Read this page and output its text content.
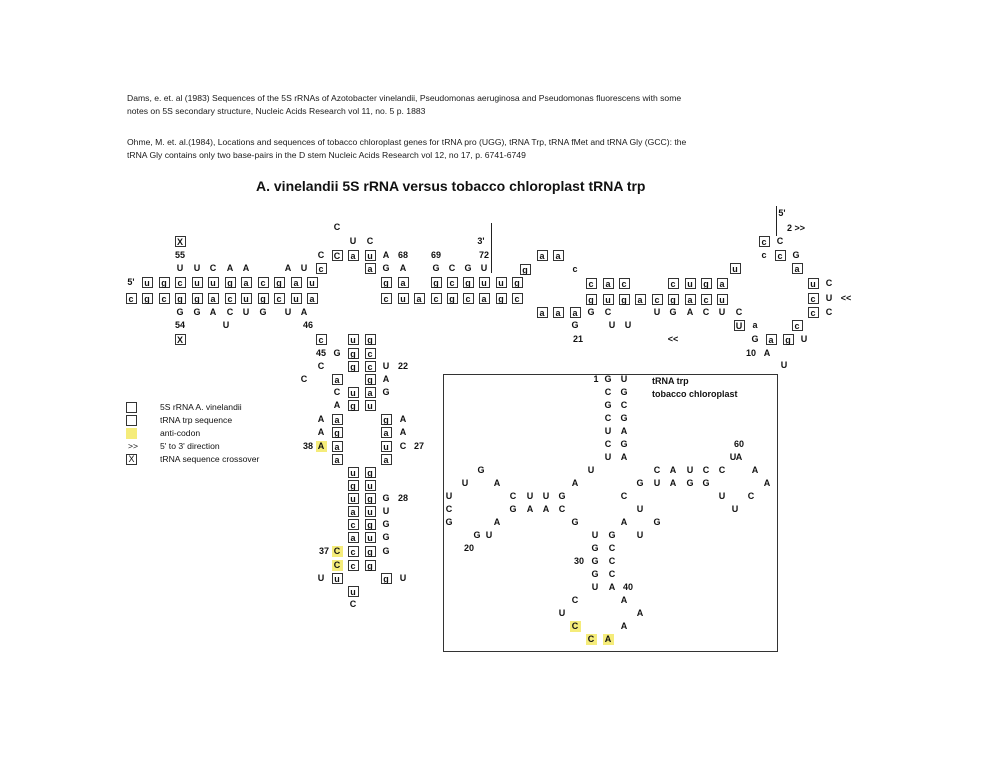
Dams, e. et. al (1983) Sequences of the 5S rRNAs of Azotobacter vinelandii, Pseudomonas aeruginosa and Pseudomonas fluorescens with some
notes on 5S secondary structure, Nucleic Acids Research vol 11, no. 5 p. 1883
Ohme, M. et. al.(1984), Locations and sequences of tobacco chloroplast genes for tRNA pro (UGG), tRNA Trp, tRNA fMet and tRNA Gly (GCC): the
tRNA Gly contains only two base-pairs in the D stem Nucleic Acids Research vol 12, no 17, p. 6741-6749
A. vinelandii 5S rRNA versus tobacco chloroplast tRNA trp
tRNA trp
tobacco chloroplast
5S rRNA A. vinelandii
tRNA trp sequence
anti-codon
>>	5' to 3' direction
X	tRNA sequence crossover
C
X	U C	3'
55	C C	a	u	A 68	69	72
U U C A A	A U	c	a	G A	G C G U
5'	u	g	c	u	u	g	a	c	g	a	u	g	a	g	c	g	u	u	g
c	g	c	g	g	a	c	u	g	c	u	a	c	u	a	c	g	c	a	g	c
G G A C U G U A
54	U	46
X	c	u	g
45 G	g	c
C	g	c	U 22
C	a	g	A
C	u	a	G
A	g	u
A	a	g	A
A	g	a	A
38 A	a	u	C 27
a	a
u	g
g	u
u	g	G 28
a	u	U
c	g	G
a	u	G
37 C	c	g	G
C	c	g
U	u	g	U
u
C
a	a
g	c
c	a	c	c	u	g	a
g	u	g	a	c	g	a	c	u
a	a	a	G C	U G A C U C
G	U U	U	a	c
21	<<	G	a	g	U
10 A
U
5'
2 >>
c	C
c	c	G
u	a
u	C
c	U <<
c	C
1 G U
C G
G C
C G
U A
C G	60
U A	U A
G	U	C A U C C	A
U	A	A	G U A G G	A
U	C U U G	C	U	C
C	G A A C	U	U
G	A	G	A	G
G U	U
20
U G
G C
30 G C
G C
U A 40
C	A
U	A
C	A
C A
